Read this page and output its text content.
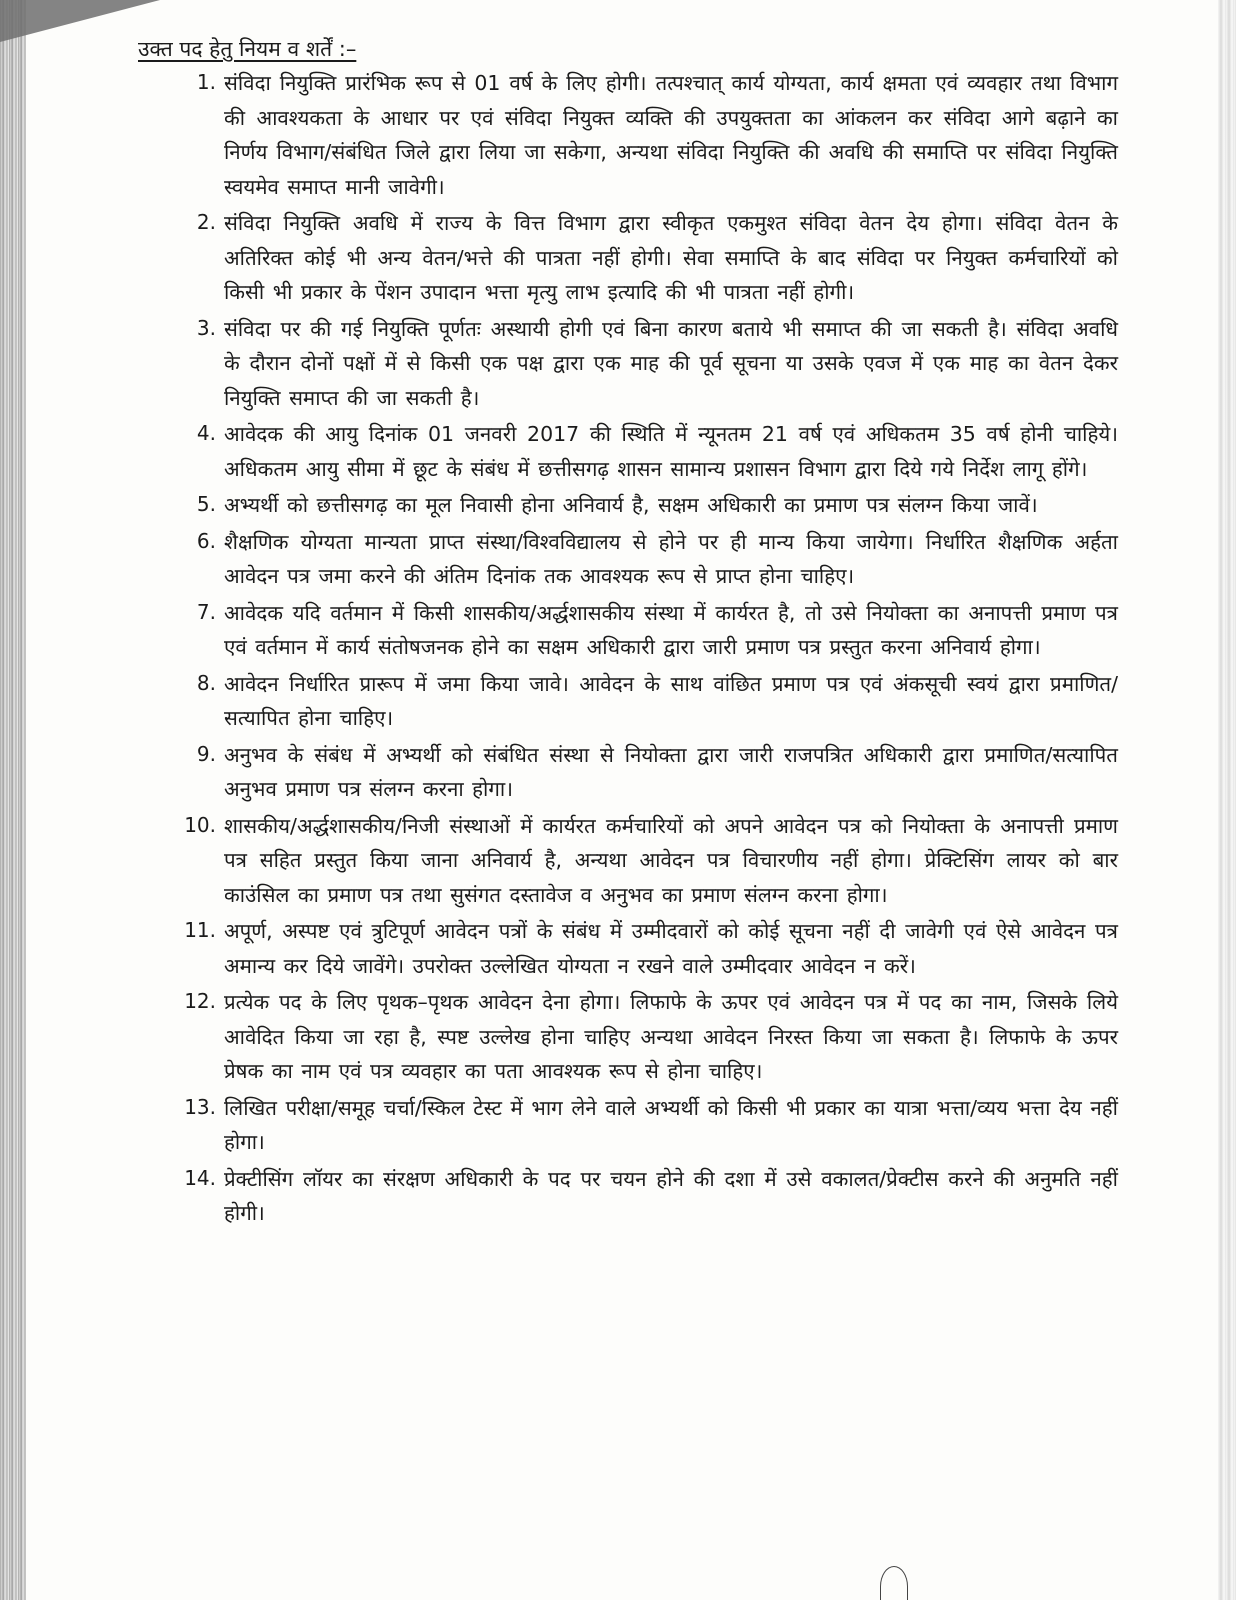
उक्त पद हेतु नियम व शर्तें :–
1. संविदा नियुक्ति प्रारंभिक रूप से 01 वर्ष के लिए होगी। तत्पश्चात् कार्य योग्यता, कार्य क्षमता एवं व्यवहार तथा विभाग की आवश्यकता के आधार पर एवं संविदा नियुक्त व्यक्ति की उपयुक्तता का आंकलन कर संविदा आगे बढ़ाने का निर्णय विभाग/संबंधित जिले द्वारा लिया जा सकेगा, अन्यथा संविदा नियुक्ति की अवधि की समाप्ति पर संविदा नियुक्ति स्वयमेव समाप्त मानी जावेगी।
2. संविदा नियुक्ति अवधि में राज्य के वित्त विभाग द्वारा स्वीकृत एकमुश्त संविदा वेतन देय होगा। संविदा वेतन के अतिरिक्त कोई भी अन्य वेतन/भत्ते की पात्रता नहीं होगी। सेवा समाप्ति के बाद संविदा पर नियुक्त कर्मचारियों को किसी भी प्रकार के पेंशन उपादान भत्ता मृत्यु लाभ इत्यादि की भी पात्रता नहीं होगी।
3. संविदा पर की गई नियुक्ति पूर्णतः अस्थायी होगी एवं बिना कारण बताये भी समाप्त की जा सकती है। संविदा अवधि के दौरान दोनों पक्षों में से किसी एक पक्ष द्वारा एक माह की पूर्व सूचना या उसके एवज में एक माह का वेतन देकर नियुक्ति समाप्त की जा सकती है।
4. आवेदक की आयु दिनांक 01 जनवरी 2017 की स्थिति में न्यूनतम 21 वर्ष एवं अधिकतम 35 वर्ष होनी चाहिये। अधिकतम आयु सीमा में छूट के संबंध में छत्तीसगढ़ शासन सामान्य प्रशासन विभाग द्वारा दिये गये निर्देश लागू होंगे।
5. अभ्यर्थी को छत्तीसगढ़ का मूल निवासी होना अनिवार्य है, सक्षम अधिकारी का प्रमाण पत्र संलग्न किया जावें।
6. शैक्षणिक योग्यता मान्यता प्राप्त संस्था/विश्वविद्यालय से होने पर ही मान्य किया जायेगा। निर्धारित शैक्षणिक अर्हता आवेदन पत्र जमा करने की अंतिम दिनांक तक आवश्यक रूप से प्राप्त होना चाहिए।
7. आवेदक यदि वर्तमान में किसी शासकीय/अर्द्धशासकीय संस्था में कार्यरत है, तो उसे नियोक्ता का अनापत्ती प्रमाण पत्र एवं वर्तमान में कार्य संतोषजनक होने का सक्षम अधिकारी द्वारा जारी प्रमाण पत्र प्रस्तुत करना अनिवार्य होगा।
8. आवेदन निर्धारित प्रारूप में जमा किया जावे। आवेदन के साथ वांछित प्रमाण पत्र एवं अंकसूची स्वयं द्वारा प्रमाणित/सत्यापित होना चाहिए।
9. अनुभव के संबंध में अभ्यर्थी को संबंधित संस्था से नियोक्ता द्वारा जारी राजपत्रित अधिकारी द्वारा प्रमाणित/सत्यापित अनुभव प्रमाण पत्र संलग्न करना होगा।
10. शासकीय/अर्द्धशासकीय/निजी संस्थाओं में कार्यरत कर्मचारियों को अपने आवेदन पत्र को नियोक्ता के अनापत्ती प्रमाण पत्र सहित प्रस्तुत किया जाना अनिवार्य है, अन्यथा आवेदन पत्र विचारणीय नहीं होगा। प्रेक्टिसिंग लायर को बार काउंसिल का प्रमाण पत्र तथा सुसंगत दस्तावेज व अनुभव का प्रमाण संलग्न करना होगा।
11. अपूर्ण, अस्पष्ट एवं त्रुटिपूर्ण आवेदन पत्रों के संबंध में उम्मीदवारों को कोई सूचना नहीं दी जावेगी एवं ऐसे आवेदन पत्र अमान्य कर दिये जावेंगे। उपरोक्त उल्लेखित योग्यता न रखने वाले उम्मीदवार आवेदन न करें।
12. प्रत्येक पद के लिए पृथक–पृथक आवेदन देना होगा। लिफाफे के ऊपर एवं आवेदन पत्र में पद का नाम, जिसके लिये आवेदित किया जा रहा है, स्पष्ट उल्लेख होना चाहिए अन्यथा आवेदन निरस्त किया जा सकता है। लिफाफे के ऊपर प्रेषक का नाम एवं पत्र व्यवहार का पता आवश्यक रूप से होना चाहिए।
13. लिखित परीक्षा/समूह चर्चा/स्किल टेस्ट में भाग लेने वाले अभ्यर्थी को किसी भी प्रकार का यात्रा भत्ता/व्यय भत्ता देय नहीं होगा।
14. प्रेक्टीसिंग लॉयर का संरक्षण अधिकारी के पद पर चयन होने की दशा में उसे वकालत/प्रेक्टीस करने की अनुमति नहीं होगी।
